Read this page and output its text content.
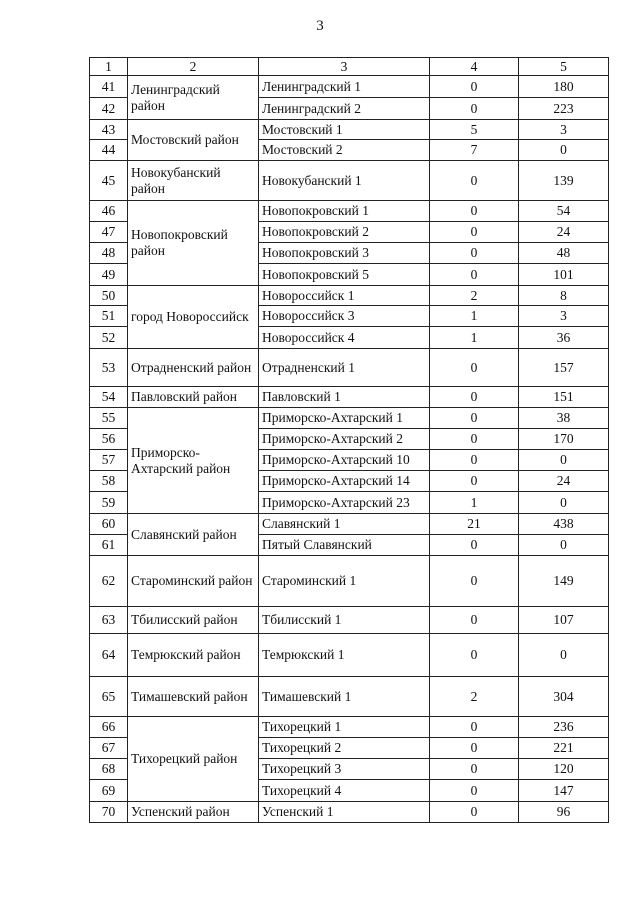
3
1	2	3	4	5
41	Ленинградский район	Ленинградский 1	0	180
42		Ленинградский 2	0	223
43	Мостовский район	Мостовский 1	5	3
44		Мостовский 2	7	0
45	Новокубанский район	Новокубанский 1	0	139
46	Новопокровский район	Новопокровский 1	0	54
47		Новопокровский 2	0	24
48		Новопокровский 3	0	48
49		Новопокровский 5	0	101
50	город Новороссийск	Новороссийск 1	2	8
51		Новороссийск 3	1	3
52		Новороссийск 4	1	36
53	Отрадненский район	Отрадненский 1	0	157
54	Павловский район	Павловский 1	0	151
55	Приморско-Ахтарский район	Приморско-Ахтарский 1	0	38
56		Приморско-Ахтарский 2	0	170
57		Приморско-Ахтарский 10	0	0
58		Приморско-Ахтарский 14	0	24
59		Приморско-Ахтарский 23	1	0
60	Славянский район	Славянский 1	21	438
61		Пятый Славянский	0	0
62	Староминский район	Староминский 1	0	149
63	Тбилисский район	Тбилисский 1	0	107
64	Темрюкский район	Темрюкский 1	0	0
65	Тимашевский район	Тимашевский 1	2	304
66	Тихорецкий район	Тихорецкий 1	0	236
67		Тихорецкий 2	0	221
68		Тихорецкий 3	0	120
69		Тихорецкий 4	0	147
70	Успенский район	Успенский 1	0	96
